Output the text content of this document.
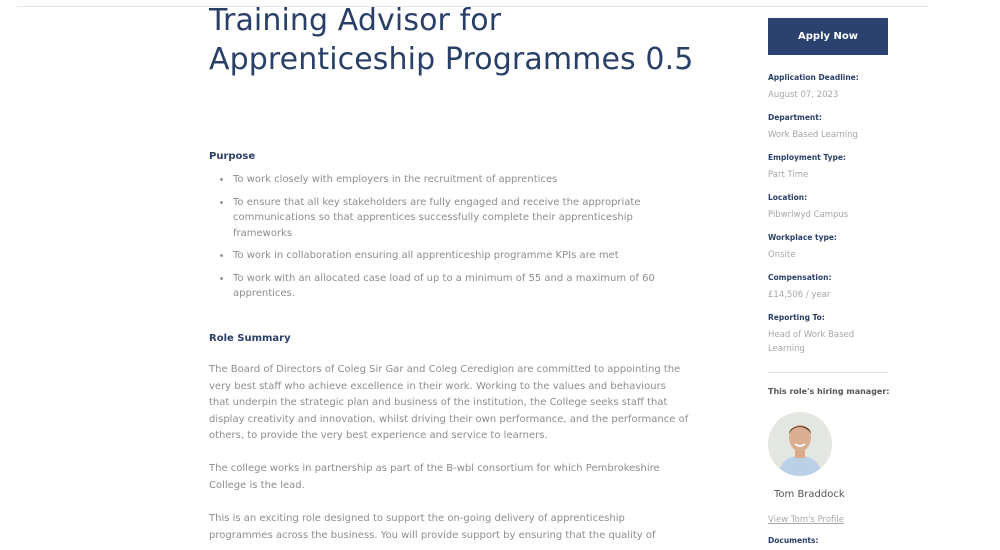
Training Advisor for Apprenticeship Programmes 0.5
Purpose
To work closely with employers in the recruitment of apprentices
To ensure that all key stakeholders are fully engaged and receive the appropriate communications so that apprentices successfully complete their apprenticeship frameworks
To work in collaboration ensuring all apprenticeship programme KPIs are met
To work with an allocated case load of up to a minimum of 55 and a maximum of 60 apprentices.
Role Summary

The Board of Directors of Coleg Sir Gar and Coleg Ceredigion are committed to appointing the very best staff who achieve excellence in their work. Working to the values and behaviours that underpin the strategic plan and business of the institution, the College seeks staff that display creativity and innovation, whilst driving their own performance, and the performance of others, to provide the very best experience and service to learners.

The college works in partnership as part of the B-wbl consortium for which Pembrokeshire College is the lead.

This is an exciting role designed to support the on-going delivery of apprenticeship programmes across the business. You will provide support by ensuring that the quality of

Apply Now
Application Deadline:
August 07, 2023
Department:
Work Based Learning
Employment Type:
Part Time
Location:
Pibwrlwyd Campus
Workplace type:
Onsite
Compensation:
£14,506 / year
Reporting To:
Head of Work Based Learning
This role's hiring manager:
Tom Braddock
View Tom's Profile
Documents:
